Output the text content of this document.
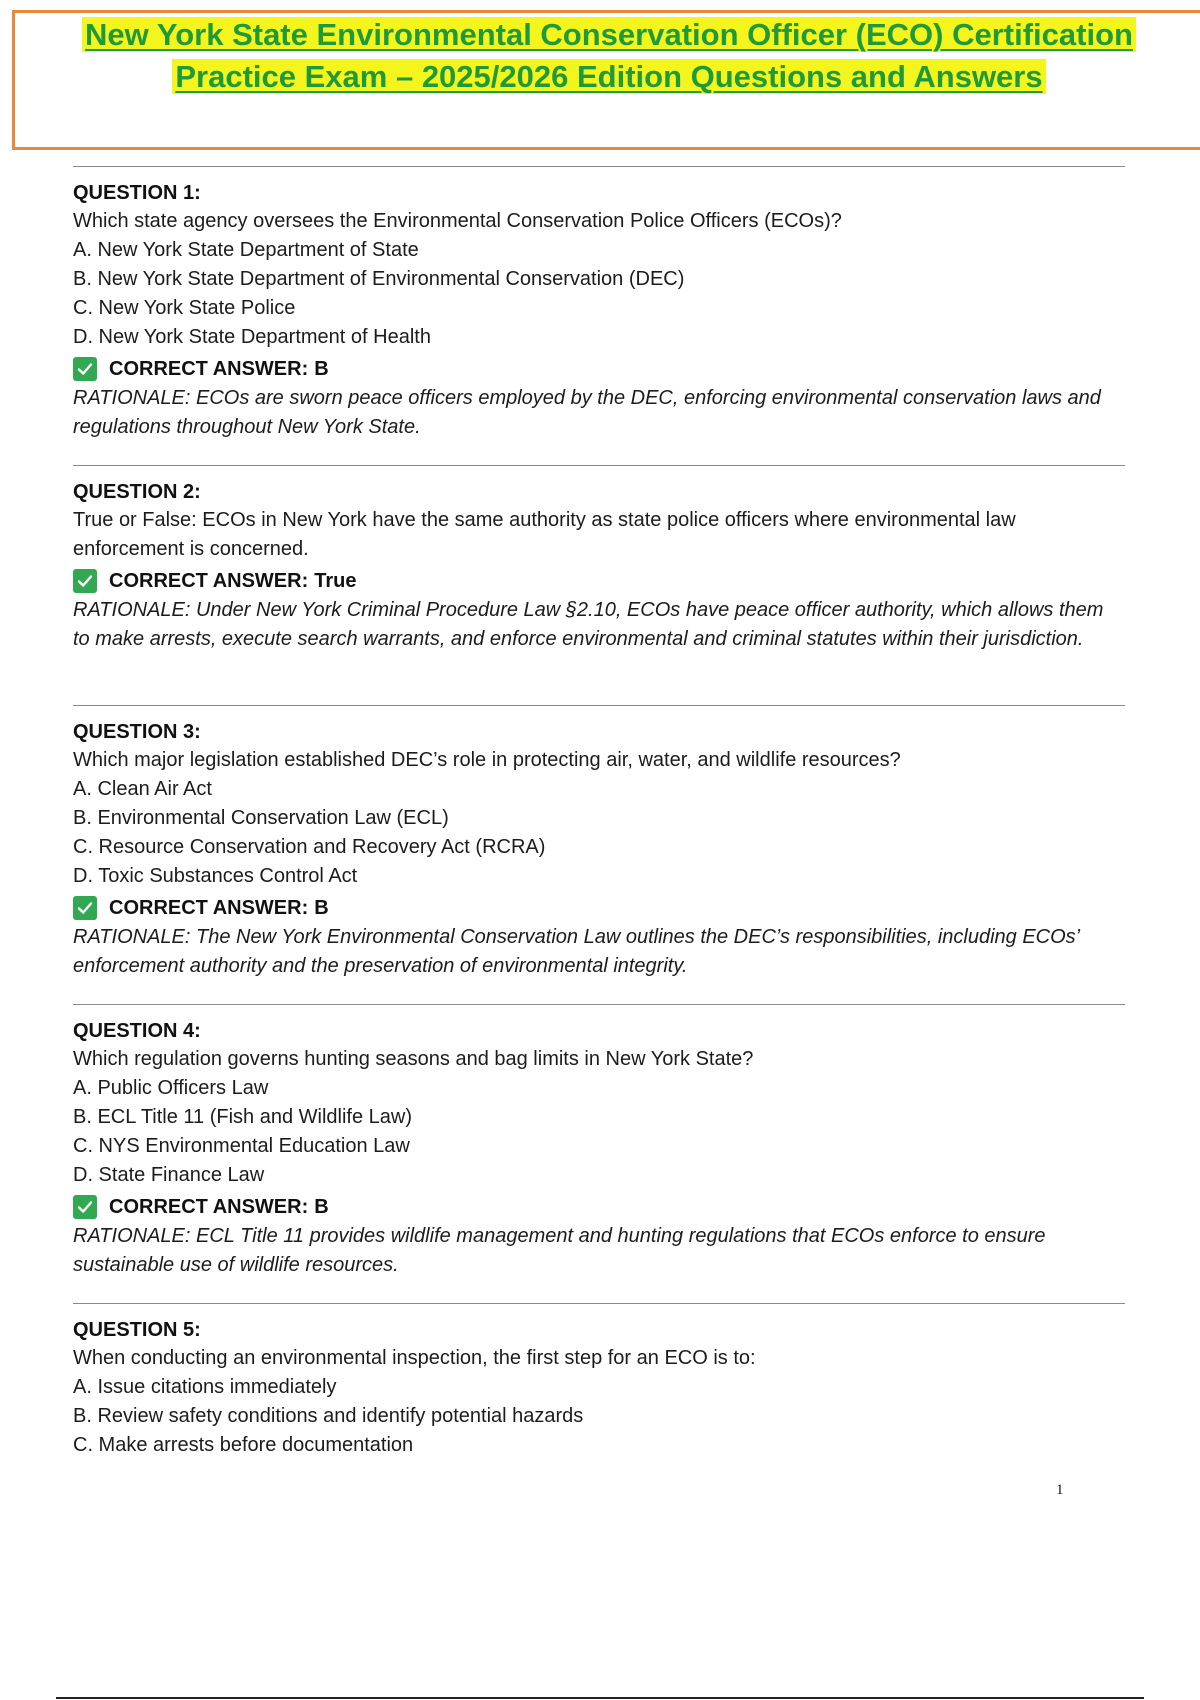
New York State Environmental Conservation Officer (ECO) Certification
Practice Exam – 2025/2026 Edition Questions and Answers
QUESTION 1:
Which state agency oversees the Environmental Conservation Police Officers (ECOs)?
A. New York State Department of State
B. New York State Department of Environmental Conservation (DEC)
C. New York State Police
D. New York State Department of Health
CORRECT ANSWER: B
RATIONALE: ECOs are sworn peace officers employed by the DEC, enforcing environmental conservation laws and regulations throughout New York State.
QUESTION 2:
True or False: ECOs in New York have the same authority as state police officers where environmental law enforcement is concerned.
CORRECT ANSWER: True
RATIONALE: Under New York Criminal Procedure Law §2.10, ECOs have peace officer authority, which allows them to make arrests, execute search warrants, and enforce environmental and criminal statutes within their jurisdiction.
QUESTION 3:
Which major legislation established DEC’s role in protecting air, water, and wildlife resources?
A. Clean Air Act
B. Environmental Conservation Law (ECL)
C. Resource Conservation and Recovery Act (RCRA)
D. Toxic Substances Control Act
CORRECT ANSWER: B
RATIONALE: The New York Environmental Conservation Law outlines the DEC’s responsibilities, including ECOs’ enforcement authority and the preservation of environmental integrity.
QUESTION 4:
Which regulation governs hunting seasons and bag limits in New York State?
A. Public Officers Law
B. ECL Title 11 (Fish and Wildlife Law)
C. NYS Environmental Education Law
D. State Finance Law
CORRECT ANSWER: B
RATIONALE: ECL Title 11 provides wildlife management and hunting regulations that ECOs enforce to ensure sustainable use of wildlife resources.
QUESTION 5:
When conducting an environmental inspection, the first step for an ECO is to:
A. Issue citations immediately
B. Review safety conditions and identify potential hazards
C. Make arrests before documentation
1
